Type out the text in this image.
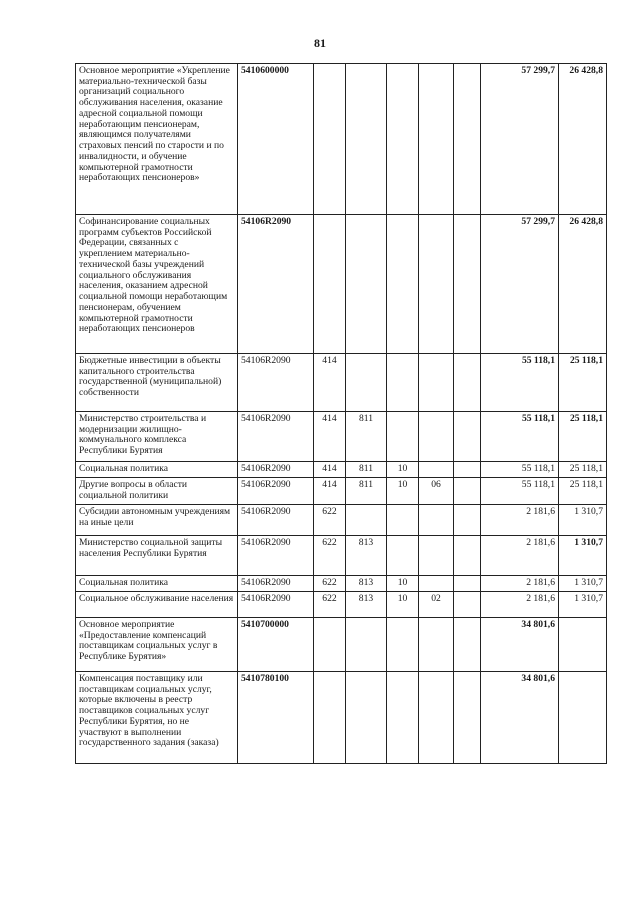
81
Основное мероприятие «Укрепление материально-технической базы организаций социального обслуживания населения, оказание адресной социальной помощи неработающим пенсионерам, являющимся получателями страховых пенсий по старости и по инвалидности, и обучение компьютерной грамотности неработающих пенсионеров»	5410600000						57 299,7	26 428,8
Софинансирование социальных программ субъектов Российской Федерации, связанных с укреплением материально-технической базы учреждений социального обслуживания населения, оказанием адресной социальной помощи неработающим пенсионерам, обучением компьютерной грамотности неработающих пенсионеров	54106R2090						57 299,7	26 428,8
Бюджетные инвестиции в объекты капитального строительства государственной (муниципальной) собственности	54106R2090	414					55 118,1	25 118,1
Министерство строительства и модернизации жилищно-коммунального комплекса Республики Бурятия	54106R2090	414	811				55 118,1	25 118,1
Социальная политика	54106R2090	414	811	10			55 118,1	25 118,1
Другие вопросы в области социальной политики	54106R2090	414	811	10	06		55 118,1	25 118,1
Субсидии автономным учреждениям на иные цели	54106R2090	622					2 181,6	1 310,7
Министерство социальной защиты населения Республики Бурятия	54106R2090	622	813				2 181,6	1 310,7
Социальная политика	54106R2090	622	813	10			2 181,6	1 310,7
Социальное обслуживание населения	54106R2090	622	813	10	02		2 181,6	1 310,7
Основное мероприятие «Предоставление компенсаций поставщикам социальных услуг в Республике Бурятия»	5410700000						34 801,6	
Компенсация поставщику или поставщикам социальных услуг, которые включены в реестр поставщиков социальных услуг Республики Бурятия, но не участвуют в выполнении государственного задания (заказа)	5410780100						34 801,6	
